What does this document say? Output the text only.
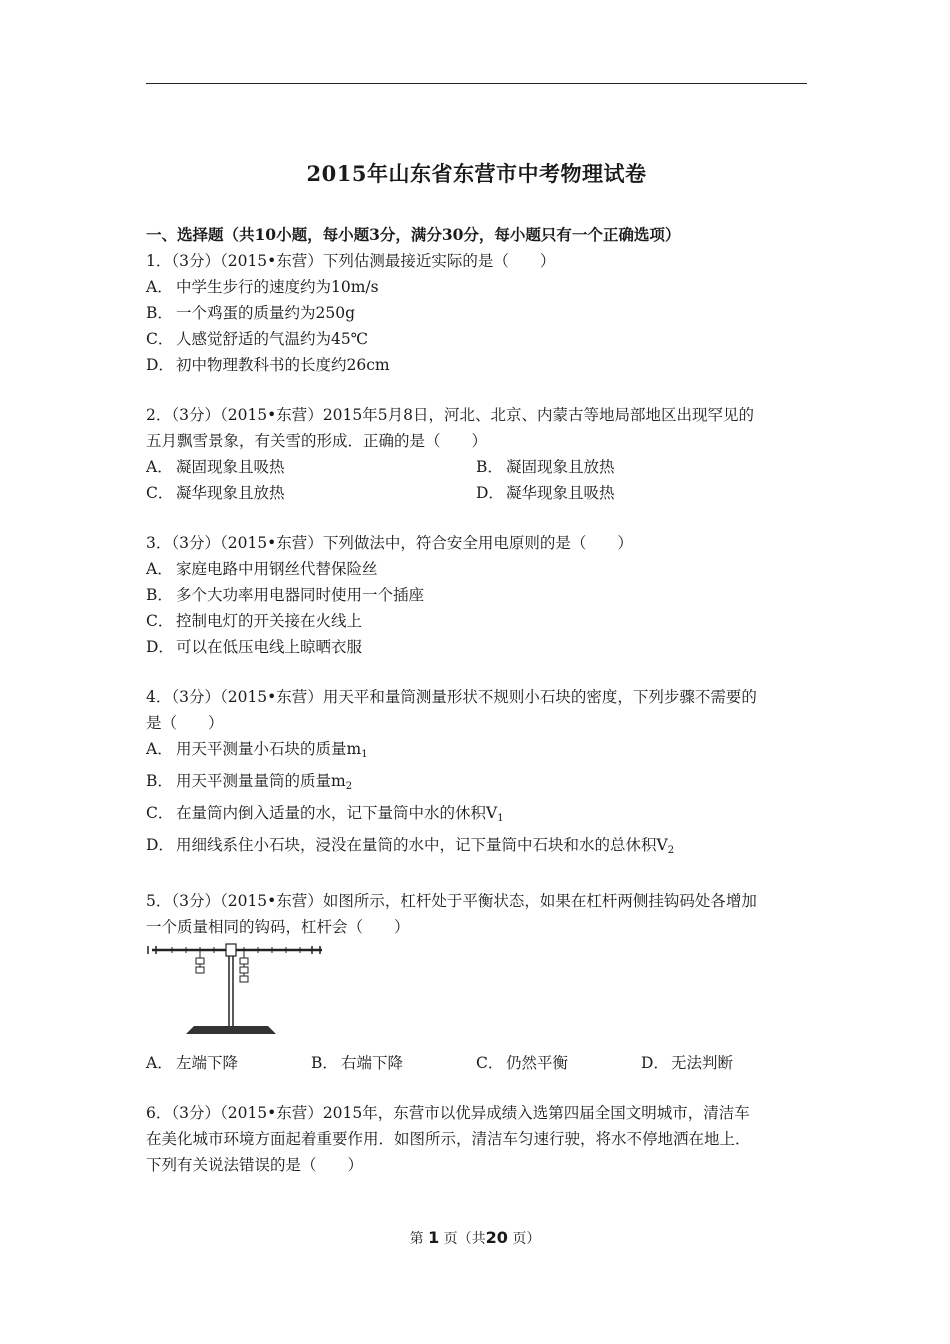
2015年山东省东营市中考物理试卷

一、选择题（共10小题，每小题3分，满分30分，每小题只有一个正确选项）

1．（3分）（2015•东营）下列估测最接近实际的是（　　）

A． 中学生步行的速度约为10m/s

B． 一个鸡蛋的质量约为250g

C． 人感觉舒适的气温约为45℃

D． 初中物理教科书的长度约26cm

2．（3分）（2015•东营）2015年5月8日，河北、北京、内蒙古等地局部地区出现罕见的

五月飘雪景象，有关雪的形成．正确的是（　　）

A． 凝固现象且吸热	B． 凝固现象且放热

C． 凝华现象且放热	D． 凝华现象且吸热

3．（3分）（2015•东营）下列做法中，符合安全用电原则的是（　　）

A． 家庭电路中用钢丝代替保险丝

B． 多个大功率用电器同时使用一个插座

C． 控制电灯的开关接在火线上

D． 可以在低压电线上晾晒衣服

4．（3分）（2015•东营）用天平和量筒测量形状不规则小石块的密度，下列步骤不需要的

是（　　）

A． 用天平测量小石块的质量$m_1$

B． 用天平测量量筒的质量$m_2$

C． 在量筒内倒入适量的水，记下量筒中水的休积$V_1$

D． 用细线系住小石块，浸没在量筒的水中，记下量筒中石块和水的总休积$V_2$

5．（3分）（2015•东营）如图所示，杠杆处于平衡状态，如果在杠杆两侧挂钩码处各增加

一个质量相同的钩码，杠杆会（　　）

A． 左端下降	B． 右端下降	C． 仍然平衡	D． 无法判断

6．（3分）（2015•东营）2015年，东营市以优异成绩入选第四届全国文明城市，清洁车

在美化城市环境方面起着重要作用．如图所示，清洁车匀速行驶，将水不停地洒在地上．

下列有关说法错误的是（　　）

第 1 页（共20 页）
